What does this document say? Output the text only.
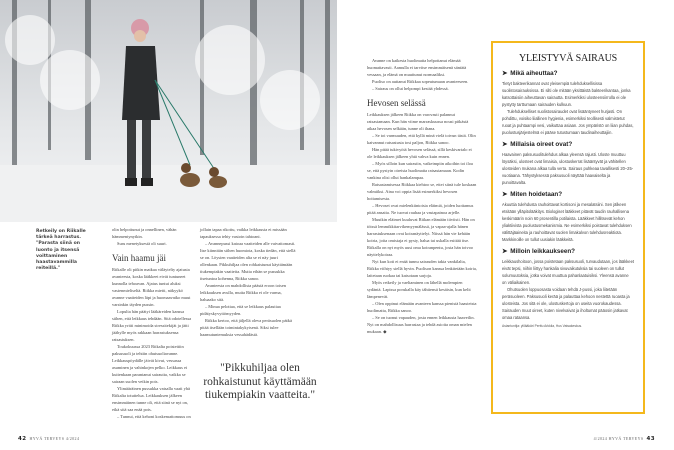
Retkeily on Riikalle tärkeä harrastus. "Parasta siinä on luonto ja itsensä voittaminen haastavammilla reiteillä."

olin helpottunut ja onnellinen, vähän hämmentynytkin.

Suru menetyksestä oli suuri.

Vain haamu jäi

Riikalle oli pitkin matkaa väläytelty ajatusta avanteesta, koska lääkkeet eivät tuntuneet kunnolla tehoavan. Ajatus tuntui aluksi vastenmieliseltä. Riikka mietti, näkyykö avanne vaatteiden läpi ja huomaavatko muut varsinkin täyden pussin.

Lopulta hän päätyi lääkäreiden kanssa siihen, että leikkaus tehdään. Sitä odotellessa Riikka yritti minimoida stressitekijät ja jätti jäähylle myös rakkaan harrastuksensa ratsastuksen.

Toukokuussa 2023 Riikalta poistettiin paksusuoli ja tehtiin ohutsuoliavanne. Leikkauspöydälle jäivät kivut, vessassa asuminen ja vahinkojen pelko. Leikkaus ei kuitenkaan parantanut sairautta, vaikka se sairaan suolen veikin pois.

Ylimääräinen pussukka vatsalla vaati yhä Riikalta totuttelua. Leikkauksen jälkeen ensimmäinen tunne oli, että siinä se nyt on, eikä sitä saa enää pois.

– Tunnui, että kehoni koskemattomuus on

jollain tapaa rikottu, vaikka leikkausta ei missään tapauksessa tehty vastoin tahtoani.

– Avannepussi katoaa vaatteiden alle vaivattomasti. Itse kiinnitän siihen huomiota, koska tiedän, että siellä se on. Löysien vaatteiden alta se ei näy juuri ollenkaan. Pikkuhiljaa olen rohkaistunut käyttämään tiukempiakin vaatteita. Mutta eihän se pussukka itsetuntoa kohenna, Riikka sanoo.

Avanteesta on mahdollista päästä eroon toisen leikkauksen avulla, mutta Riikka ei ole varma, haluaako sitä.

– Minua pelottaa, että se leikkaus palauttaa pidätyskyvyttömyyden.

Riikka kertoo, että jäljellä oleva peräsuolen pätkä pitää itsellään toimintakykyisenä. Siksi tulee haamutuntemuksia vessahädästä.

"Pikkuhiljaa olen rohkaistunut käyttämään tiukempiakin vaatteita."

Avanne on kaikesta huolimatta helpottanut elämää huomattavasti. Aamulla ei tarvitse ensimmäisenä säntätä vessaan, ja elämä on muuttunut normaaliksi.

Puoliso on auttanut Riikkaa sopeutumaan avanteeseen.

– Sairaus on ollut helpompi kestää yhdessä.

Hevosen selässä

Leikkauksen jälkeen Riikka on varovasti palannut ratsastamaan. Kun hän viime marraskuussa nousi pitkästä aikaa hevosen selkään, tunne oli ihana.

– Se toi varmuuden, että kyllä minä vielä toivun tästä. Olin kaivannut ratsastusta tosi paljon, Riikka sanoo.

Hän pitää tukivyötä hevosen selässä, sillä keskivartalo ei ole leikkauksen jälkeen yhtä vahva kuin ennen.

– Myös silloin kun sairastin, vaikeimpiin aikoihin toi iloa se, että pystyin oireista huolimatta ratsastamaan. Kodin vankina olisi ollut hankalampaa.

Ratsastamisessa Riikkaa kiehtoo se, ettei siinä tule koskaan valmiiksi. Aina voi oppia lisää esimerkiksi hevosen hoitamisesta.

– Hevoset ovat mielenkiintoisia eläimiä, joiden luottamus pitää ansaita. Ne tuovat rauhaa ja vastapainoa arjelle.

Muutkin eläimet kuuluvat Riikan elämään tiiviisti. Hän on töissä lemmikkitarvikemyymälässä, ja vapaa-ajalla hänen harrastuksenaan ovat koiranäyttelyt. Niissä hän vie kehään koiria, joita omistaja ei pysty, halua tai uskalla esittää itse. Riikalla on nyt myös uusi oma koiranpentu, josta hän toivoo näyttelykoiraa.

Nyt kun koti ei enää tunnu sairauden takia vankilalta, Riikka viihtyy siellä hyvin. Puolison kanssa lenkitetään koiria, laitetaan ruokaa tai katsotaan sarjoja.

Myös retkeily ja vaeltaminen on lähellä molempien sydäntä. Lapissa porukalla käy tähtiensä kesäisin, kun kelit lämpenevät.

– Olen oppinut elämään avanteen kanssa pienistä haasteista huolimatta, Riikka sanoo.

– Se on tuonut vapauden, josta ennen leikkausta haaveilin. Nyt on mahdollisuus harrastaa ja tehdä asioita oman mielen mukaan. ◆

YLEISTYVÄ SAIRAUS
➤ Mikä aiheuttaa?

Tietyt bakteerikannat ovat yleisempiä tulehduksellisissa suolistosairauksissa. Ei silti ole mitään yksittäistä bakteerikantaa, jonka katsottaisiin aiheuttavan sairautta. Esimerkiksi ulosteensiirrolla ei ole pystytty tarttumaan sairauden kulkuun.

Tulehdukselliset suolistosairaudet ovat lisääntyneet hurjasti. On pohdittu, voisiko liiallinen hygienia, esimerkiksi teollisesti valmistetut ruoat ja puhtaampi vesi, vaikuttaa asiaan. Jos ympäristö on liian puhdas, puolustusjärjestelmä ei pääse tutustumaan taudinaiheuttajiin.

➤ Millaisia oireet ovat?

Haavainen paksusuolitulehdus alkaa yleensä rajusti. Uloste muuttuu löysäksi, ulosteet ovat limaisia, ulostuskerrat lisääntyvät ja vähitellen ulosteiden mukana alkaa tulla verta. Sairaus puhkeaa tavallisesti 20–25-vuotiaana. Tähystyksessä paksusuoli näyttää haavaiselta ja punoittavalta.

➤ Miten hoidetaan?

Akuuttia tulehdusta rauhoittavat kortisoni ja mesalatsiini. Sen jälkeen etsitään ylläpitolääkitys. Biologiset lääkkeet pitävät taudin rauhallisena keskimäärin noin 60 prosentilla potilaista. Lääkkeet hillitsevät kehon yliaktiivista puolustusmekanismia. Ne esimerkiksi poistavat tulehduksen välittäjäaineita ja rauhoittavat suolen limakalvon tulehdusreaktiota. Markkinoille on tullut uusiakin lääkkeitä.

➤ Milloin leikkaukseen?

Leikkaushoitoon, jossa poistetaan paksusuoli, turvaudutaan, jos lääkkeet eivät tepsi, niihin liittyy hankalia sivuvaikutuksia tai suoleen on tullut solumuutoksia, jotka voivat muuttua pahanlaatuisiksi. Yleensä avanne on väliaikainen.

Ohutsuolen loppuosasta voidaan tehdä J-pussi, joka liitetään peräsuoleen. Paksusuoli kerää ja palauttaa kehoon nestettä ruoasta ja ulosteista. Jos sitä ei ole, ulostuskertoja on useita vuorokaudessa. Sairauden muut oireet, kuten nivelvaivat ja iholtumat pääosin jatkavat omaa rataansa.

Asiantuntija: ylilääkäri Perttu Arkkila, Hus Vatsakeskus.

42 HYVÄ TERVEYS 4/2024	4/2024 HYVÄ TERVEYS 43
